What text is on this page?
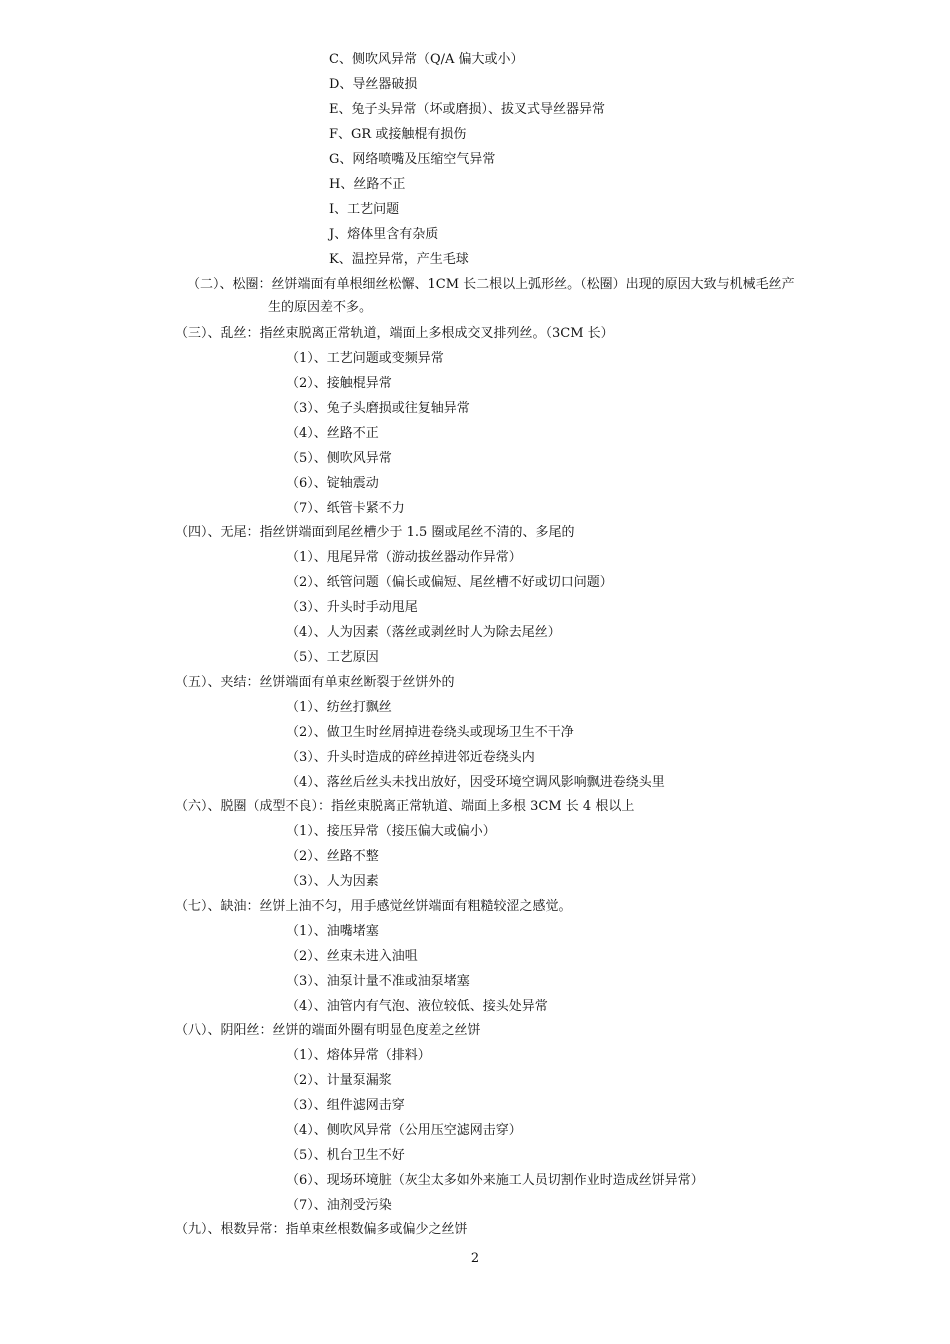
C、侧吹风异常（Q/A 偏大或小）
D、导丝器破损
E、兔子头异常（坏或磨损）、拔叉式导丝器异常
F、GR 或接触棍有损伤
G、网络喷嘴及压缩空气异常
H、丝路不正
I、工艺问题
J、熔体里含有杂质
K、温控异常，产生毛球
（二）、松圈：丝饼端面有单根细丝松懈、1CM 长二根以上弧形丝。（松圈）出现的原因大致与机械毛丝产
生的原因差不多。
（三）、乱丝：指丝束脱离正常轨道，端面上多根成交叉排列丝。（3CM 长）
（1）、工艺问题或变频异常
（2）、接触棍异常
（3）、兔子头磨损或往复轴异常
（4）、丝路不正
（5）、侧吹风异常
（6）、锭轴震动
（7）、纸管卡紧不力
（四）、无尾：指丝饼端面到尾丝槽少于 1.5 圈或尾丝不清的、多尾的
（1）、甩尾异常（游动拔丝器动作异常）
（2）、纸管问题（偏长或偏短、尾丝槽不好或切口问题）
（3）、升头时手动甩尾
（4）、人为因素（落丝或剥丝时人为除去尾丝）
（5）、工艺原因
（五）、夹结：丝饼端面有单束丝断裂于丝饼外的
（1）、纺丝打飘丝
（2）、做卫生时丝屑掉进卷绕头或现场卫生不干净
（3）、升头时造成的碎丝掉进邻近卷绕头内
（4）、落丝后丝头未找出放好，因受环境空调风影响飘进卷绕头里
（六）、脱圈（成型不良）：指丝束脱离正常轨道、端面上多根 3CM 长 4 根以上
（1）、接压异常（接压偏大或偏小）
（2）、丝路不整
（3）、人为因素
（七）、缺油：丝饼上油不匀，用手感觉丝饼端面有粗糙较涩之感觉。
（1）、油嘴堵塞
（2）、丝束未进入油咀
（3）、油泵计量不准或油泵堵塞
（4）、油管内有气泡、液位较低、接头处异常
（八）、阴阳丝：丝饼的端面外圈有明显色度差之丝饼
（1）、熔体异常（排料）
（2）、计量泵漏浆
（3）、组件滤网击穿
（4）、侧吹风异常（公用压空滤网击穿）
（5）、机台卫生不好
（6）、现场环境脏（灰尘太多如外来施工人员切割作业时造成丝饼异常）
（7）、油剂受污染
（九）、根数异常：指单束丝根数偏多或偏少之丝饼
2
